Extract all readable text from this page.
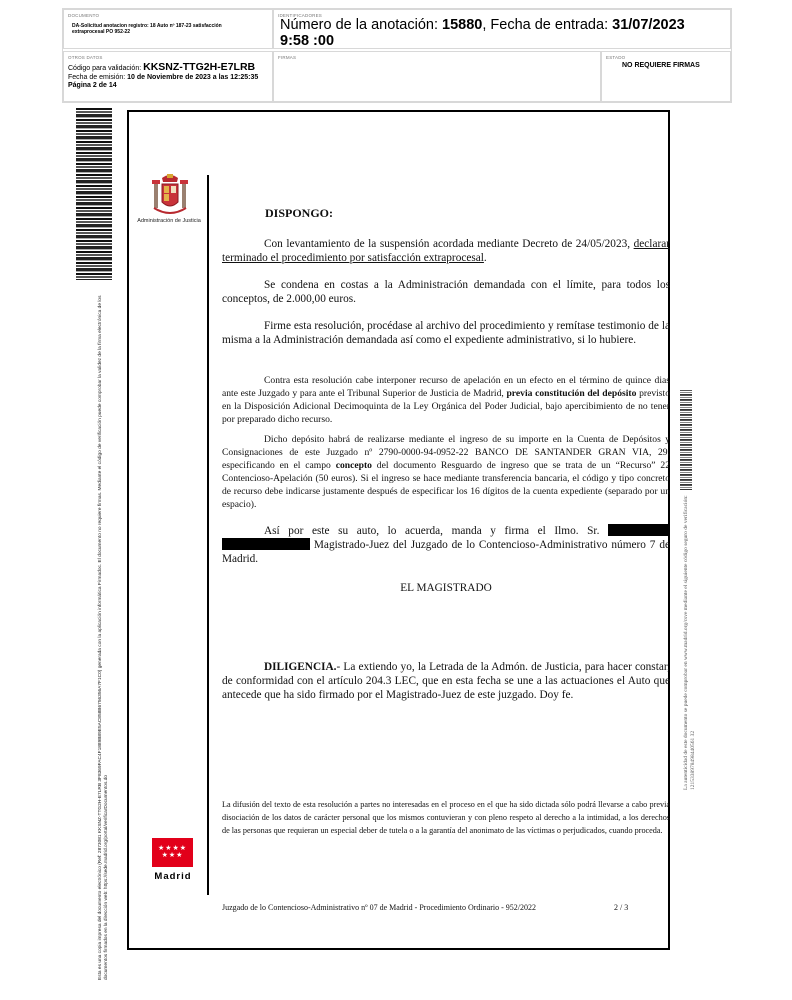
DOCUMENTO
DA-Solicitud anotacion registro: 18 Auto nº 187-23 satisfacción extraprocesal PO 952-22
IDENTIFICADORES
Número de la anotación: 15880, Fecha de entrada: 31/07/2023 9:58 :00
OTROS DATOS
Código para validación: KKSNZ-TTG2H-E7LRB
Fecha de emisión: 10 de Noviembre de 2023 a las 12:25:35
Página 2 de 14
FIRMAS	ESTADO
NO REQUIERE FIRMAS
Esta es una copia impresa del documento electrónico (Ref: 2873081 KKSNZ-TTG2H-E7LRB 3F8369FAC4F1889B89E5AC858B6756356A7F1C0) generada con la aplicación informática Firmadoc. El documento no requiere firmas. Mediante el código de verificación puede comprobar la validez de la firma electrónica de los documentos firmados en la dirección web: https://sede.madrid.org/portal/verificarDocumentos.do
La autenticidad de este documento se puede comprobar en www.madrid.org/csve mediante el siguiente código seguro de verificación: 1215338978498440561 32
Administración de Justicia
★★★★ ★★★
Madrid
DISPONGO:
Con levantamiento de la suspensión acordada mediante Decreto de 24/05/2023, declarar terminado el procedimiento por satisfacción extraprocesal.
Se condena en costas a la Administración demandada con el límite, para todos los conceptos, de 2.000,00 euros.
Firme esta resolución, procédase al archivo del procedimiento y remítase testimonio de la misma a la Administración demandada así como el expediente administrativo, si lo hubiere.
Contra esta resolución cabe interponer recurso de apelación en un efecto en el término de quince dias ante este Juzgado y para ante el Tribunal Superior de Justicia de Madrid, previa constitución del depósito previsto en la Disposición Adicional Decimoquinta de la Ley Orgánica del Poder Judicial, bajo apercibimiento de no tener por preparado dicho recurso.
Dicho depósito habrá de realizarse mediante el ingreso de su importe en la Cuenta de Depósitos y Consignaciones de este Juzgado nº 2790-0000-94-0952-22 BANCO DE SANTANDER GRAN VIA, 29, especificando en el campo concepto del documento Resguardo de ingreso que se trata de un “Recurso” 22 Contencioso-Apelación (50 euros). Si el ingreso se hace mediante transferencia bancaria, el código y tipo concreto de recurso debe indicarse justamente después de especificar los 16 dígitos de la cuenta expediente (separado por un espacio).
Así por este su auto, lo acuerda, manda y firma el Ilmo. Sr.   Magistrado-Juez del Juzgado de lo Contencioso-Administrativo número 7 de Madrid.
EL MAGISTRADO
DILIGENCIA.- La extiendo yo, la Letrada de la Admón. de Justicia, para hacer constar, de conformidad con el artículo 204.3 LEC, que en esta fecha se une a las actuaciones el Auto que antecede que ha sido firmado por el Magistrado-Juez de este juzgado. Doy fe.
La difusión del texto de esta resolución a partes no interesadas en el proceso en el que ha sido dictada sólo podrá llevarse a cabo previa disociación de los datos de carácter personal que los mismos contuvieran y con pleno respeto al derecho a la intimidad, a los derechos de las personas que requieran un especial deber de tutela o a la garantía del anonimato de las víctimas o perjudicados, cuando proceda.
Juzgado de lo Contencioso-Administrativo nº 07 de Madrid - Procedimiento Ordinario - 952/2022	2 / 3
